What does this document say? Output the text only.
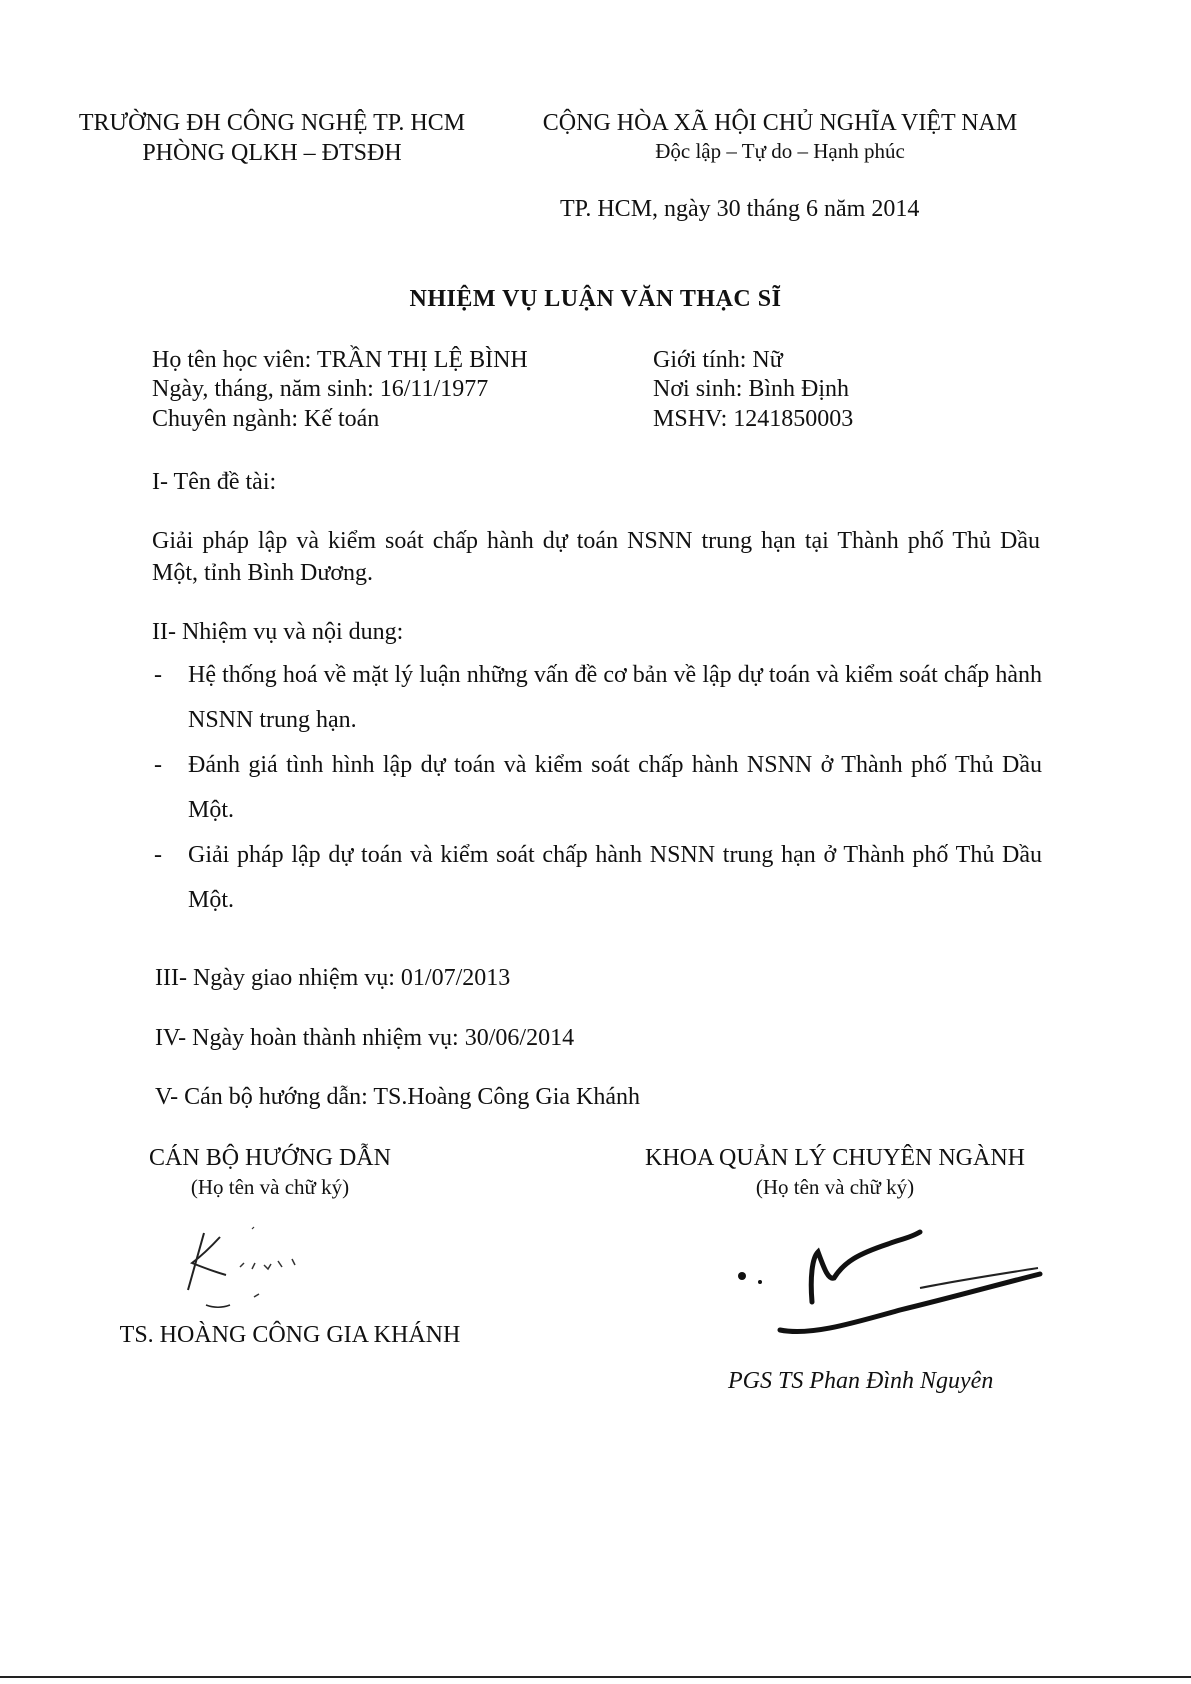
TRƯỜNG ĐH CÔNG NGHỆ TP. HCM
PHÒNG QLKH – ĐTSĐH
CỘNG HÒA XÃ HỘI CHỦ NGHĨA VIỆT NAM
Độc lập – Tự do – Hạnh phúc
TP. HCM, ngày 30 tháng 6 năm 2014
NHIỆM VỤ LUẬN VĂN THẠC SĨ
Họ tên học viên: TRẦN THỊ LỆ BÌNH
Ngày, tháng, năm sinh: 16/11/1977
Chuyên ngành: Kế toán
Giới tính: Nữ
Nơi sinh: Bình Định
MSHV: 1241850003
I- Tên đề tài:
Giải pháp lập và kiểm soát chấp hành dự toán NSNN trung hạn tại Thành phố Thủ Dầu Một, tỉnh Bình Dương.
II- Nhiệm vụ và nội dung:
- Hệ thống hoá về mặt lý luận những vấn đề cơ bản về lập dự toán và kiểm soát chấp hành NSNN trung hạn.
- Đánh giá tình hình lập dự toán và kiểm soát chấp hành NSNN ở Thành phố Thủ Dầu Một.
- Giải pháp lập dự toán và kiểm soát chấp hành NSNN trung hạn ở Thành phố Thủ Dầu Một.
III- Ngày giao nhiệm vụ: 01/07/2013
IV- Ngày hoàn thành nhiệm vụ: 30/06/2014
V- Cán bộ hướng dẫn: TS.Hoàng Công Gia Khánh
CÁN BỘ HƯỚNG DẪN
(Họ tên và chữ ký)
TS. HOÀNG CÔNG GIA KHÁNH
KHOA QUẢN LÝ CHUYÊN NGÀNH
(Họ tên và chữ ký)
PGS TS Phan Đình Nguyên
